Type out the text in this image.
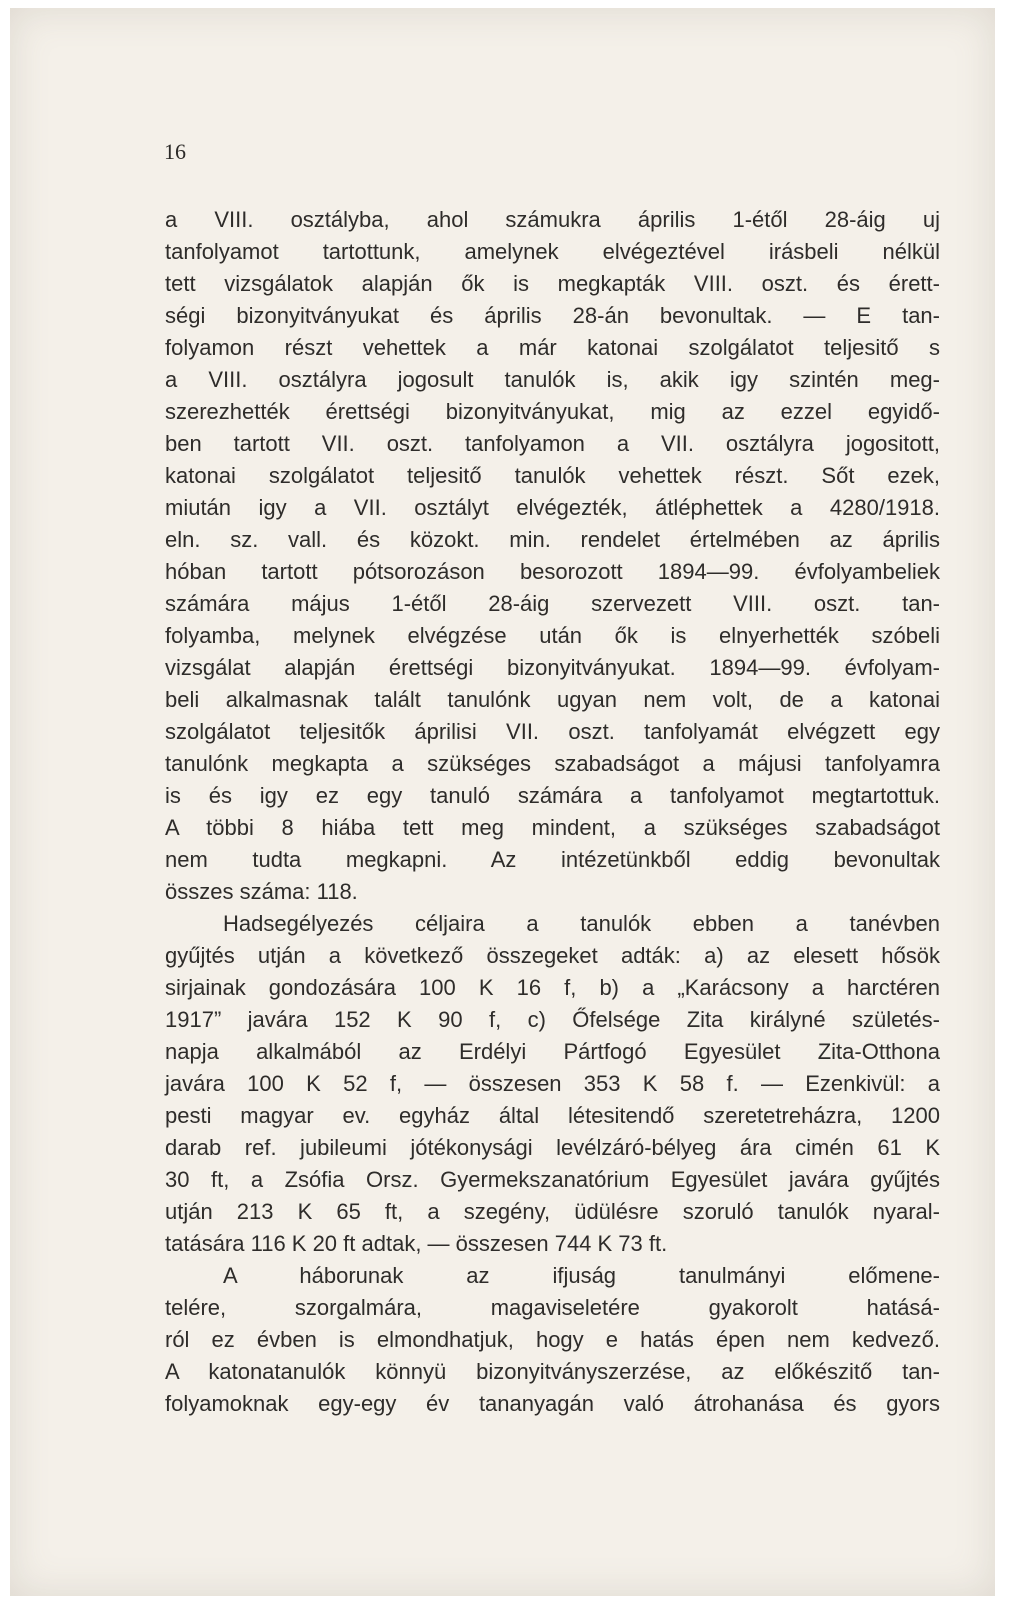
16
a VIII. osztályba, ahol számukra április 1-étől 28-áig uj
tanfolyamot tartottunk, amelynek elvégeztével irásbeli nélkül
tett vizsgálatok alapján ők is megkapták VIII. oszt. és érett-
ségi bizonyitványukat és április 28-án bevonultak. — E tan-
folyamon részt vehettek a már katonai szolgálatot teljesitő s
a VIII. osztályra jogosult tanulók is, akik igy szintén meg-
szerezhették érettségi bizonyitványukat, mig az ezzel egyidő-
ben tartott VII. oszt. tanfolyamon a VII. osztályra jogositott,
katonai szolgálatot teljesitő tanulók vehettek részt. Sőt ezek,
miután igy a VII. osztályt elvégezték, átléphettek a 4280/1918.
eln. sz. vall. és közokt. min. rendelet értelmében az április
hóban tartott pótsorozáson besorozott 1894—99. évfolyambeliek
számára május 1-étől 28-áig szervezett VIII. oszt. tan-
folyamba, melynek elvégzése után ők is elnyerhették szóbeli
vizsgálat alapján érettségi bizonyitványukat. 1894—99. évfolyam-
beli alkalmasnak talált tanulónk ugyan nem volt, de a katonai
szolgálatot teljesitők áprilisi VII. oszt. tanfolyamát elvégzett egy
tanulónk megkapta a szükséges szabadságot a májusi tanfolyamra
is és igy ez egy tanuló számára a tanfolyamot megtartottuk.
A többi 8 hiába tett meg mindent, a szükséges szabadságot
nem tudta megkapni. Az intézetünkből eddig bevonultak
összes száma: 118.
Hadsegélyezés céljaira a tanulók ebben a tanévben
gyűjtés utján a következő összegeket adták: a) az elesett hősök
sirjainak gondozására 100 K 16 f, b) a „Karácsony a harctéren
1917” javára 152 K 90 f, c) Őfelsége Zita királyné születés-
napja alkalmából az Erdélyi Pártfogó Egyesület Zita-Otthona
javára 100 K 52 f, — összesen 353 K 58 f. — Ezenkivül: a
pesti magyar ev. egyház által létesitendő szeretetreházra, 1200
darab ref. jubileumi jótékonysági levélzáró-bélyeg ára cimén 61 K
30 ft, a Zsófia Orsz. Gyermekszanatórium Egyesület javára gyűjtés
utján 213 K 65 ft, a szegény, üdülésre szoruló tanulók nyaral-
tatására 116 K 20 ft adtak, — összesen 744 K 73 ft.
A háborunak az ifjuság tanulmányi előmene-
telére, szorgalmára, magaviseletére gyakorolt hatásá-
ról ez évben is elmondhatjuk, hogy e hatás épen nem kedvező.
A katonatanulók könnyü bizonyitványszerzése, az előkészitő tan-
folyamoknak egy-egy év tananyagán való átrohanása és gyors
